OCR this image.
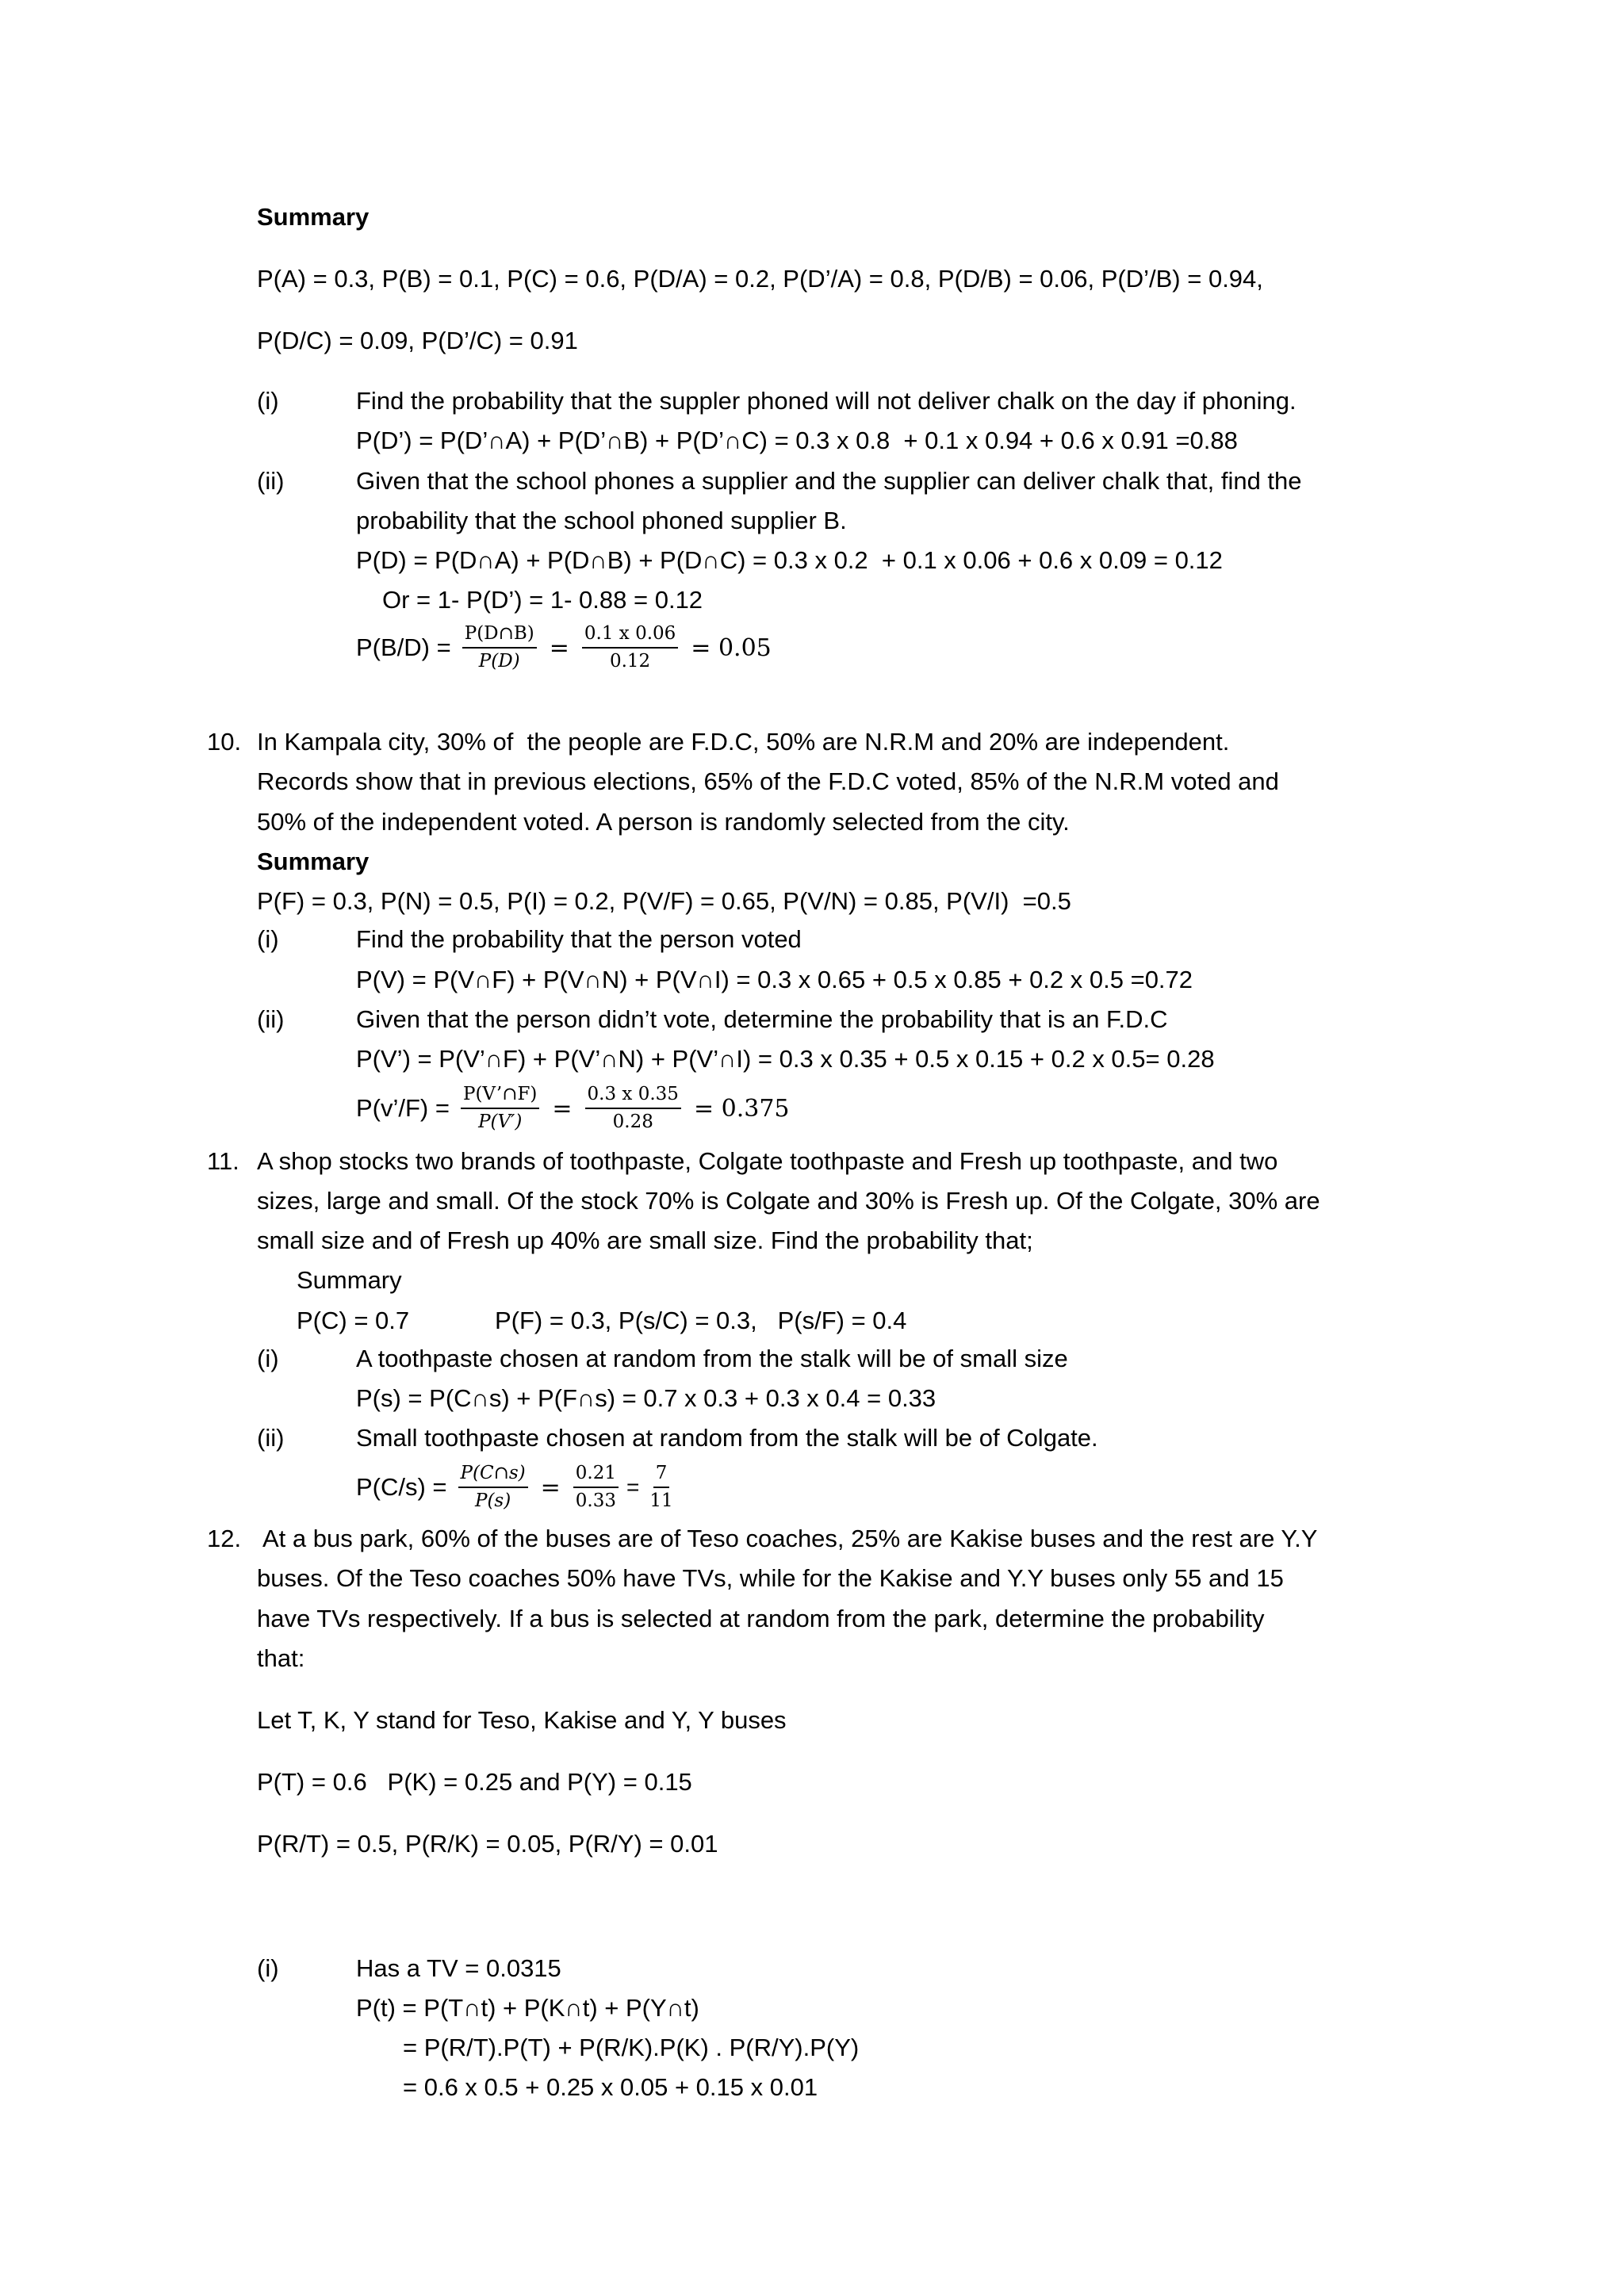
Summary
P(A) = 0.3, P(B) = 0.1, P(C) = 0.6, P(D/A) = 0.2, P(D’/A) = 0.8, P(D/B) = 0.06, P(D’/B) = 0.94,
P(D/C) = 0.09, P(D’/C) = 0.91
(i)	Find the probability that the suppler phoned will not deliver chalk on the day if phoning.
P(D’) = P(D’∩A) + P(D’∩B) + P(D’∩C) = 0.3 x 0.8  + 0.1 x 0.94 + 0.6 x 0.91 =0.88
(ii)	Given that the school phones a supplier and the supplier can deliver chalk that, find the
probability that the school phoned supplier B.
P(D) = P(D∩A) + P(D∩B) + P(D∩C) = 0.3 x 0.2  + 0.1 x 0.06 + 0.6 x 0.09 = 0.12
Or = 1- P(D’) = 1- 0.88 = 0.12
$P(B/D) = \frac{P(D\cap B)}{P(D)} = \frac{0.1 x 0.06}{0.12} = 0.05$
10. In Kampala city, 30% of  the people are F.D.C, 50% are N.R.M and 20% are independent.
Records show that in previous elections, 65% of the F.D.C voted, 85% of the N.R.M voted and
50% of the independent voted. A person is randomly selected from the city.
Summary
P(F) = 0.3, P(N) = 0.5, P(I) = 0.2, P(V/F) = 0.65, P(V/N) = 0.85, P(V/I)  =0.5
(i)	Find the probability that the person voted
P(V) = P(V∩F) + P(V∩N) + P(V∩I) = 0.3 x 0.65 + 0.5 x 0.85 + 0.2 x 0.5 =0.72
(ii)	Given that the person didn’t vote, determine the probability that is an F.D.C
P(V’) = P(V’∩F) + P(V’∩N) + P(V’∩I) = 0.3 x 0.35 + 0.5 x 0.15 + 0.2 x 0.5= 0.28
P(v’/F) = $\frac{P(V’\cap F)}{P(V')} = \frac{0.3 x 0.35}{0.28} = 0.375$
11. A shop stocks two brands of toothpaste, Colgate toothpaste and Fresh up toothpaste, and two
sizes, large and small. Of the stock 70% is Colgate and 30% is Fresh up. Of the Colgate, 30% are
small size and of Fresh up 40% are small size. Find the probability that;
Summary
P(C) = 0.7	P(F) = 0.3, P(s/C) = 0.3,   P(s/F) = 0.4
(i)	A toothpaste chosen at random from the stalk will be of small size
P(s) = P(C∩s) + P(F∩s) = 0.7 x 0.3 + 0.3 x 0.4 = 0.33
(ii)	Small toothpaste chosen at random from the stalk will be of Colgate.
$P(C/s) = \frac{P(C\cap s)}{P(s)} = \frac{0.21}{0.33} = \frac{7}{11}$
12. At a bus park, 60% of the buses are of Teso coaches, 25% are Kakise buses and the rest are Y.Y
buses. Of the Teso coaches 50% have TVs, while for the Kakise and Y.Y buses only 55 and 15
have TVs respectively. If a bus is selected at random from the park, determine the probability
that:
Let T, K, Y stand for Teso, Kakise and Y, Y buses
P(T) = 0.6   P(K) = 0.25 and P(Y) = 0.15
P(R/T) = 0.5, P(R/K) = 0.05, P(R/Y) = 0.01
(i)	Has a TV = 0.0315
P(t) = P(T∩t) + P(K∩t) + P(Y∩t)
= P(R/T).P(T) + P(R/K).P(K) . P(R/Y).P(Y)
= 0.6 x 0.5 + 0.25 x 0.05 + 0.15 x 0.01
